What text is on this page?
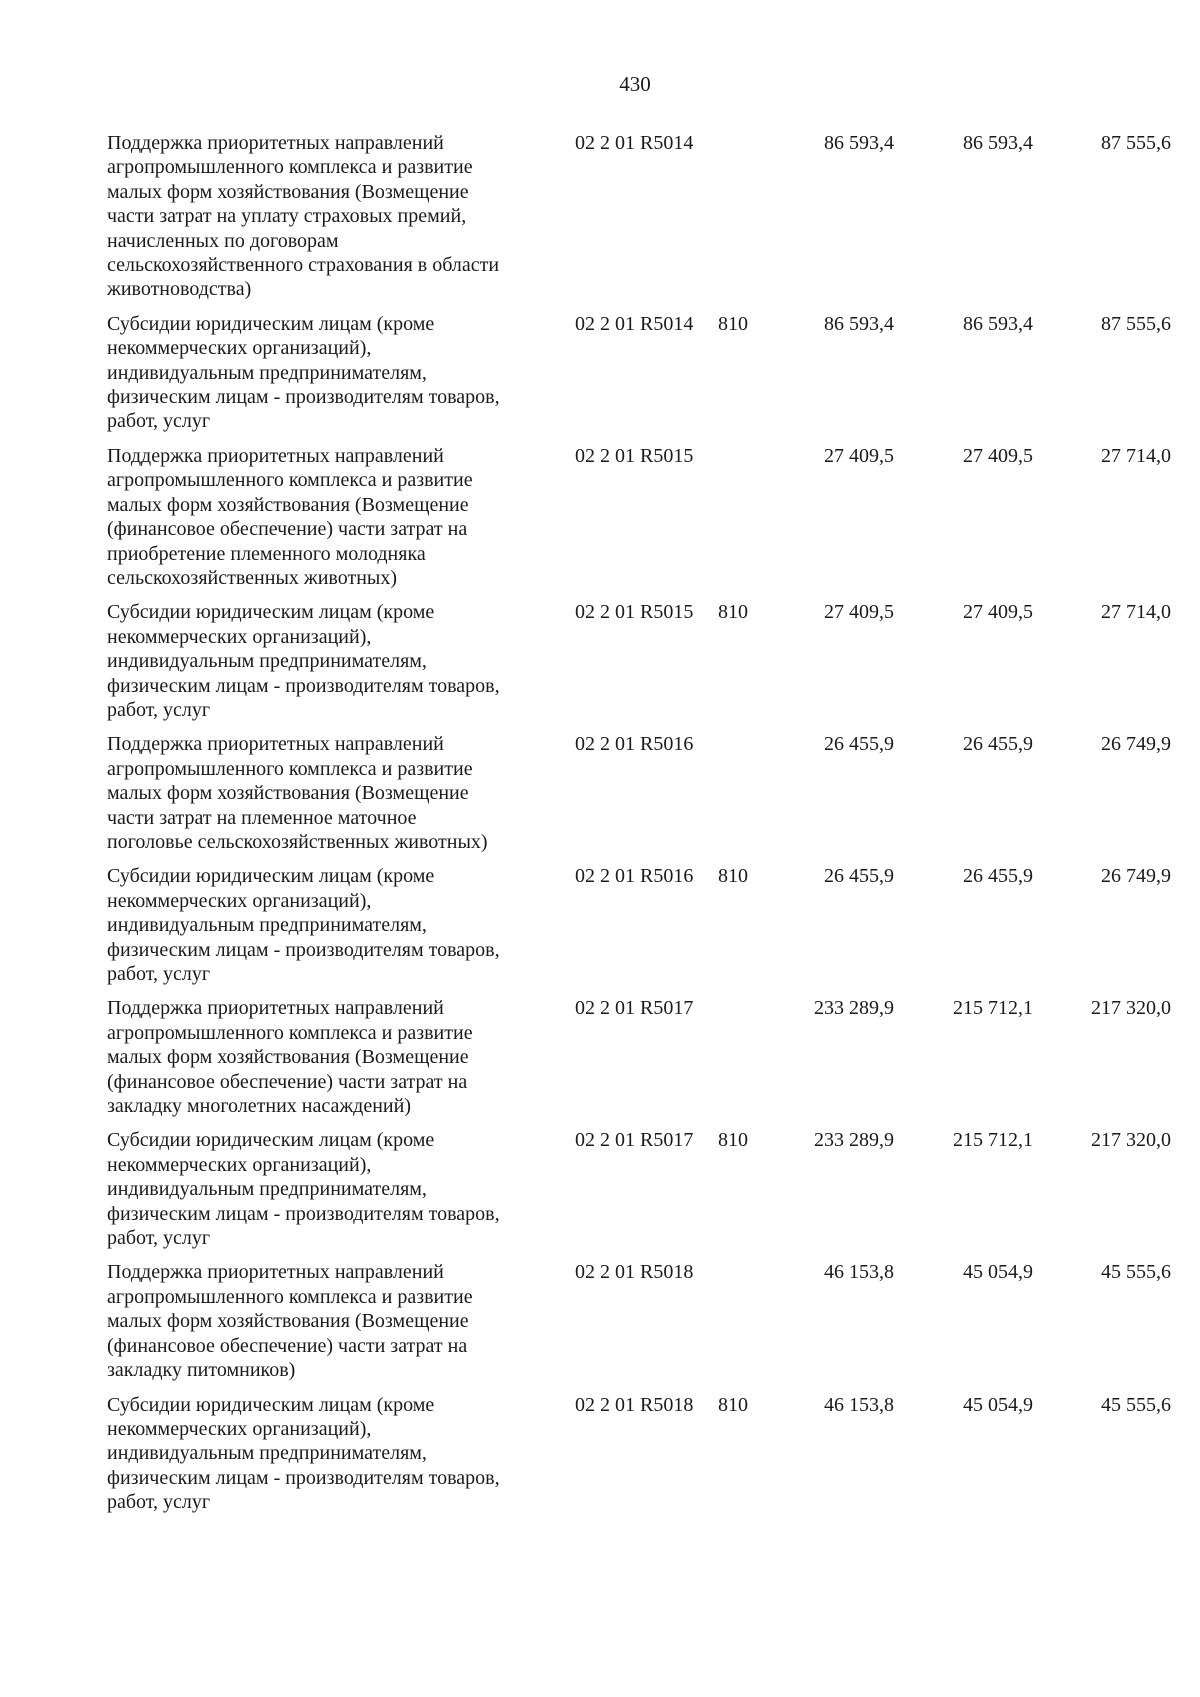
430
Поддержка приоритетных направлений
агропромышленного комплекса и развитие
малых форм хозяйствования (Возмещение
части затрат на уплату страховых премий,
начисленных по договорам
сельскохозяйственного страхования в области
животноводства)
02 2 01 R5014	86 593,4	86 593,4	87 555,6
Субсидии юридическим лицам (кроме
некоммерческих организаций),
индивидуальным предпринимателям,
физическим лицам - производителям товаров,
работ, услуг
02 2 01 R5014 810	86 593,4	86 593,4	87 555,6
Поддержка приоритетных направлений
агропромышленного комплекса и развитие
малых форм хозяйствования (Возмещение
(финансовое обеспечение) части затрат на
приобретение племенного молодняка
сельскохозяйственных животных)
02 2 01 R5015	27 409,5	27 409,5	27 714,0
Субсидии юридическим лицам (кроме
некоммерческих организаций),
индивидуальным предпринимателям,
физическим лицам - производителям товаров,
работ, услуг
02 2 01 R5015 810	27 409,5	27 409,5	27 714,0
Поддержка приоритетных направлений
агропромышленного комплекса и развитие
малых форм хозяйствования (Возмещение
части затрат на племенное маточное
поголовье сельскохозяйственных животных)
02 2 01 R5016	26 455,9	26 455,9	26 749,9
Субсидии юридическим лицам (кроме
некоммерческих организаций),
индивидуальным предпринимателям,
физическим лицам - производителям товаров,
работ, услуг
02 2 01 R5016 810	26 455,9	26 455,9	26 749,9
Поддержка приоритетных направлений
агропромышленного комплекса и развитие
малых форм хозяйствования (Возмещение
(финансовое обеспечение) части затрат на
закладку многолетних насаждений)
02 2 01 R5017	233 289,9	215 712,1	217 320,0
Субсидии юридическим лицам (кроме
некоммерческих организаций),
индивидуальным предпринимателям,
физическим лицам - производителям товаров,
работ, услуг
02 2 01 R5017 810	233 289,9	215 712,1	217 320,0
Поддержка приоритетных направлений
агропромышленного комплекса и развитие
малых форм хозяйствования (Возмещение
(финансовое обеспечение) части затрат на
закладку питомников)
02 2 01 R5018	46 153,8	45 054,9	45 555,6
Субсидии юридическим лицам (кроме
некоммерческих организаций),
индивидуальным предпринимателям,
физическим лицам - производителям товаров,
работ, услуг
02 2 01 R5018 810	46 153,8	45 054,9	45 555,6
